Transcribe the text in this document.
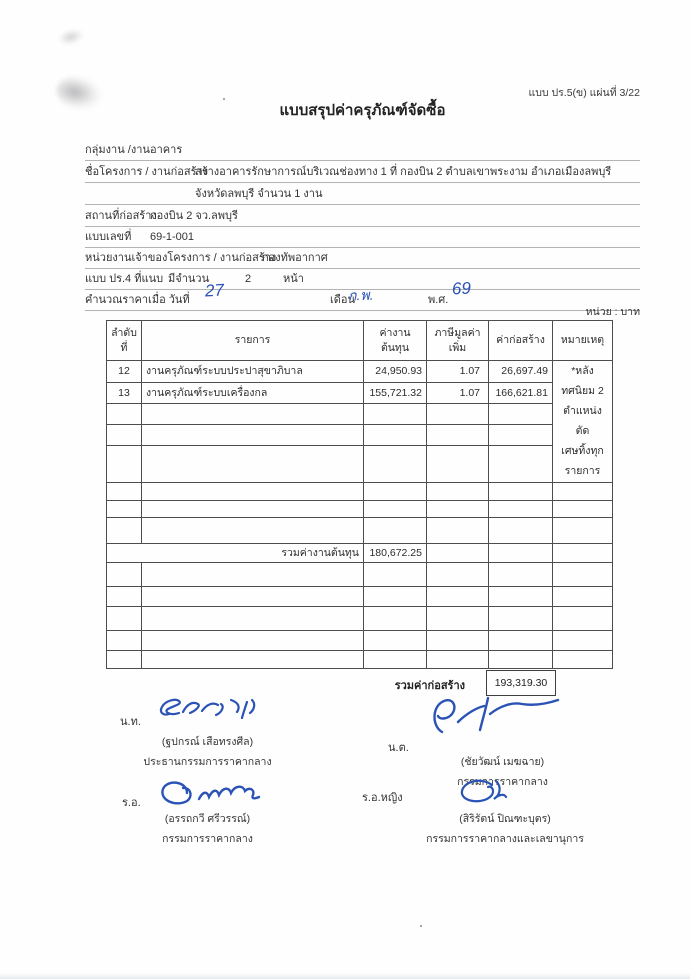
แบบ ปร.5(ข) แผ่นที่ 3/22
แบบสรุปค่าครุภัณฑ์จัดซื้อ
กลุ่มงาน /งาน อาคาร
ชื่อโครงการ / งานก่อสร้าง
สร้างอาคารรักษาการณ์บริเวณช่องทาง 1 ที่ กองบิน 2 ตำบลเขาพระงาม อำเภอเมืองลพบุรี
จังหวัดลพบุรี จำนวน 1 งาน
สถานที่ก่อสร้าง
กองบิน 2 จว.ลพบุรี
แบบเลขที่ 69-1-001
หน่วยงานเจ้าของโครงการ / งานก่อสร้าง
กองทัพอากาศ
แบบ ปร.4 ที่แนบ มีจำนวน	2	หน้า
คำนวณราคาเมื่อ วันที่ 27	เดือน
ก.พ.	พ.ศ.
69
หน่วย : บาท
ลำดับที่	รายการ	ค่างานต้นทุน	ภาษีมูลค่าเพิ่ม	ค่าก่อสร้าง	หมายเหตุ
12	งานครุภัณฑ์ระบบประปาสุขาภิบาล	24,950.93	1.07	26,697.49	*หลังทศนิยม 2
ตำแหน่ง ตัด
เศษทิ้งทุก
รายการ

13	งานครุภัณฑ์ระบบเครื่องกล	155,721.32	1.07	166,621.81	

รวมค่างานต้นทุน		180,672.25			

รวมค่าก่อสร้าง	193,319.30
น.ท.
(ฐปกรณ์ เสือทรงศีล)
ประธานกรรมการราคากลาง
น.ต.
(ชัยวัฒน์ เมฆฉาย)
กรรมการราคากลาง
ร.อ.
(อรรถกวี ศรีวรรณ์)
กรรมการราคากลาง
ร.อ.หญิง
(สิริรัตน์ ปิณฑะบุตร)
กรรมการราคากลางและเลขานุการ
